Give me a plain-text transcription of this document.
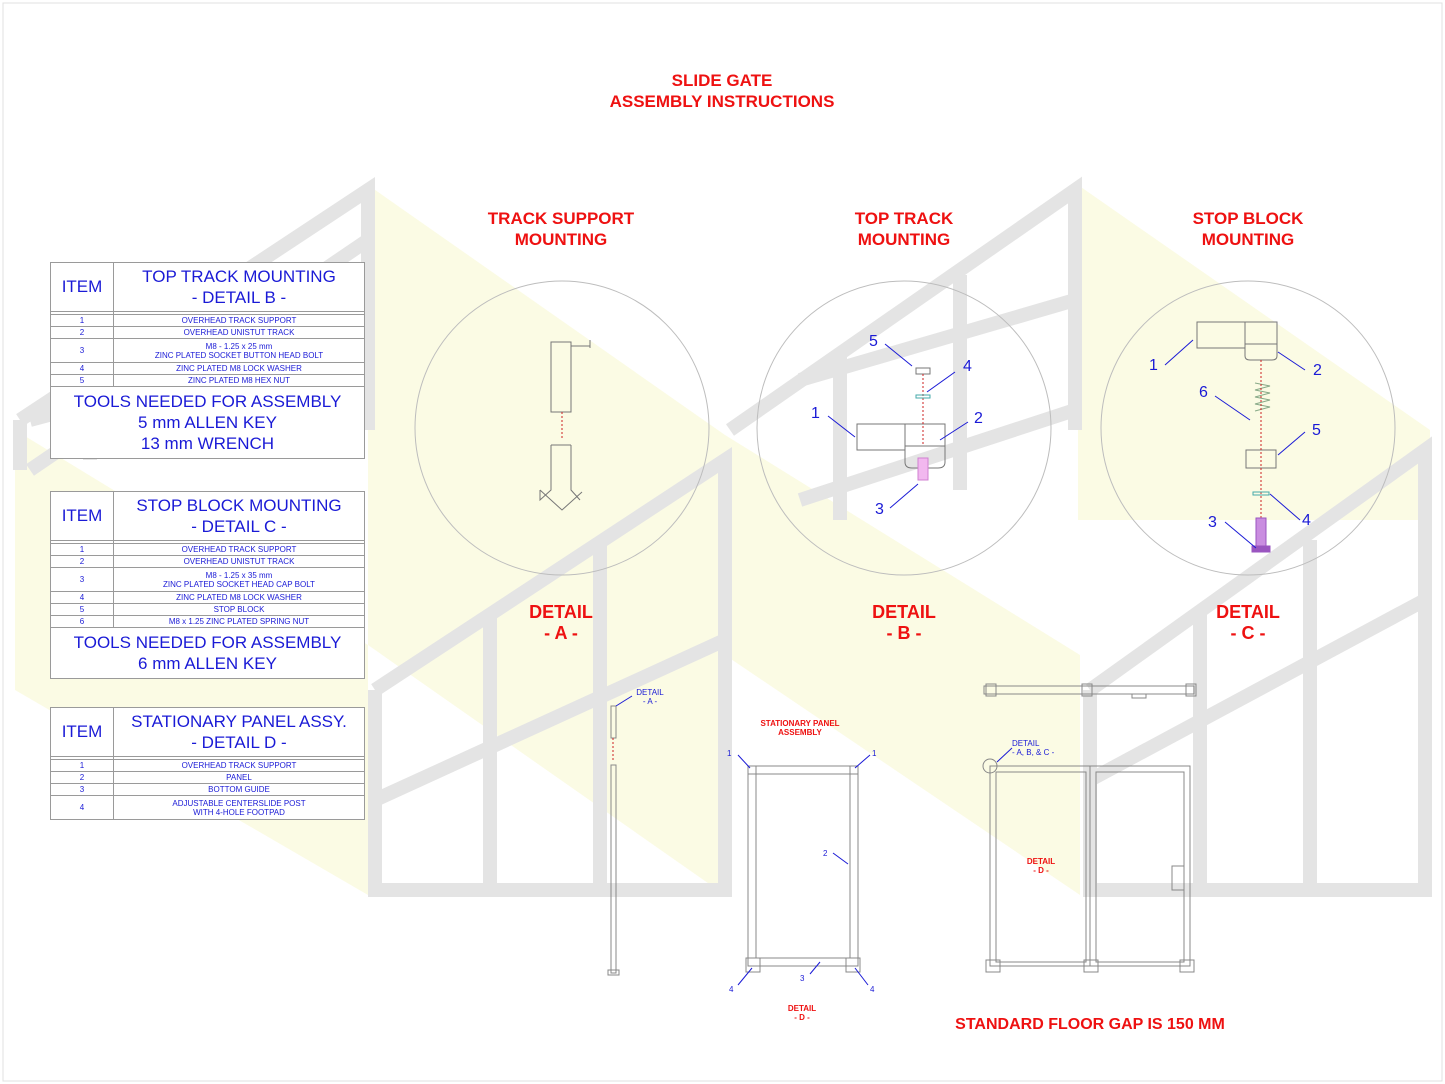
SLIDE GATE
ASSEMBLY INSTRUCTIONS
TRACK SUPPORT
MOUNTING
TOP TRACK
MOUNTING
STOP BLOCK
MOUNTING
5
4
1	2
3
1	2
6
5
3	4
DETAIL
- A -
DETAIL
- B -
DETAIL
- C -
ITEM	TOP TRACK MOUNTING
- DETAIL B -

1	OVERHEAD TRACK SUPPORT
2	OVERHEAD UNISTUT TRACK
3	M8 - 1.25 x 25 mm
ZINC PLATED SOCKET BUTTON HEAD BOLT

4	ZINC PLATED M8 LOCK WASHER
5	ZINC PLATED M8 HEX NUT

TOOLS NEEDED FOR ASSEMBLY
5 mm ALLEN KEY
13 mm WRENCH	
ITEM	STOP BLOCK MOUNTING
- DETAIL C -

1	OVERHEAD TRACK SUPPORT
2	OVERHEAD UNISTUT TRACK
3	M8 - 1.25 x 35 mm
ZINC PLATED SOCKET HEAD CAP BOLT

4	ZINC PLATED M8 LOCK WASHER
5	STOP BLOCK
6	M8 x 1.25 ZINC PLATED SPRING NUT

TOOLS NEEDED FOR ASSEMBLY
6 mm ALLEN KEY	
ITEM	STATIONARY PANEL ASSY.
- DETAIL D -

1	OVERHEAD TRACK SUPPORT
2	PANEL
3	BOTTOM GUIDE
4	ADJUSTABLE CENTERSLIDE POST
WITH 4-HOLE FOOTPAD
DETAIL
- A -
STATIONARY PANEL
ASSEMBLY
1	1
2
3
4	4
DETAIL
- D -
DETAIL
- A, B, & C -
DETAIL
- D -
STANDARD FLOOR GAP IS 150 MM
